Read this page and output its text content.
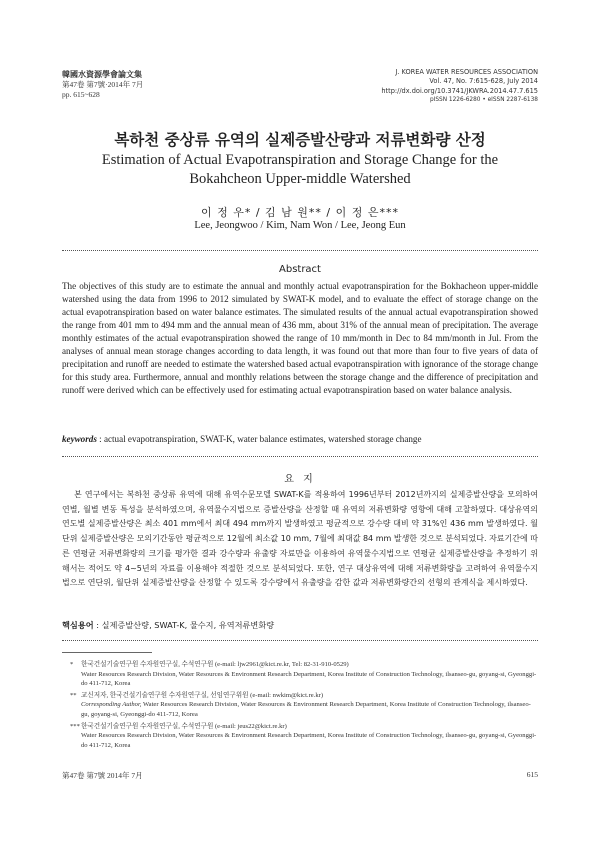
韓國水資源學會論文集
第47卷 第7號·2014年 7月
pp. 615~628
J. KOREA WATER RESOURCES ASSOCIATION
Vol. 47, No. 7:615-628, July 2014
http://dx.doi.org/10.3741/JKWRA.2014.47.7.615
pISSN 1226-6280 • eISSN 2287-6138
복하천 중상류 유역의 실제증발산량과 저류변화량 산정
Estimation of Actual Evapotranspiration and Storage Change for the
Bokahcheon Upper-middle Watershed
이 정 우* / 김 남 원** / 이 정 은***
Lee, Jeongwoo / Kim, Nam Won / Lee, Jeong Eun
Abstract
The objectives of this study are to estimate the annual and monthly actual evapotranspiration for the Bokhacheon upper-middle watershed using the data from 1996 to 2012 simulated by SWAT-K model, and to evaluate the effect of storage change on the actual evapotranspiration based on water balance estimates. The simulated results of the annual actual evapotranspiration showed the range from 401 mm to 494 mm and the annual mean of 436 mm, about 31% of the annual mean of precipitation. The average monthly estimates of the actual evapotranspiration showed the range of 10 mm/month in Dec to 84 mm/month in Jul. From the analyses of annual mean storage changes according to data length, it was found out that more than four to five years of data of precipitation and runoff are needed to estimate the watershed based actual evapotranspiration with ignorance of the storage change for this study area. Furthermore, annual and monthly relations between the storage change and the difference of precipitation and runoff were derived which can be effectively used for estimating actual evapotranspiration based on water balance analysis.
keywords : actual evapotranspiration, SWAT-K, water balance estimates, watershed storage change
요 지
본 연구에서는 복하천 중상류 유역에 대해 유역수문모델 SWAT-K를 적용하여 1996년부터 2012년까지의 실제증발산량을 모의하여 연별, 월별 변동 특성을 분석하였으며, 유역물수지법으로 증발산량을 산정할 때 유역의 저류변화량 영향에 대해 고찰하였다. 대상유역의 연도별 실제증발산량은 최소 401 mm에서 최대 494 mm까지 발생하였고 평균적으로 강수량 대비 약 31%인 436 mm 발생하였다. 월단위 실제증발산량은 모의기간동안 평균적으로 12월에 최소값 10 mm, 7월에 최대값 84 mm 발생한 것으로 분석되었다. 자료기간에 따른 연평균 저류변화량의 크기를 평가한 결과 강수량과 유출량 자료만을 이용하여 유역물수지법으로 연평균 실제증발산량을 추정하기 위해서는 적어도 약 4~5년의 자료를 이용해야 적절한 것으로 분석되었다. 또한, 연구 대상유역에 대해 저류변화량을 고려하여 유역물수지법으로 연단위, 월단위 실제증발산량을 산정할 수 있도록 강수량에서 유출량을 감한 값과 저류변화량간의 선형의 관계식을 제시하였다.
핵심용어 : 실제증발산량, SWAT-K, 물수지, 유역저류변화량
* 한국건설기술연구원 수자원연구실, 수석연구원 (e-mail: ljw2961@kict.re.kr, Tel: 82-31-910-0529)
Water Resources Research Division, Water Resources & Environment Research Department, Korea Institute of Construction Technology, ilsanseo-gu, goyang-si, Gyeonggi-do 411-712, Korea
** 교신저자, 한국건설기술연구원 수자원연구실, 선임연구위원 (e-mail: nwkim@kict.re.kr)
Corresponding Author, Water Resources Research Division, Water Resources & Environment Research Department, Korea Institute of Construction Technology, ilsanseo-gu, goyang-si, Gyeonggi-do 411-712, Korea
*** 한국건설기술연구원 수자원연구실, 수석연구원 (e-mail: jeus22@kict.re.kr)
Water Resources Research Division, Water Resources & Environment Research Department, Korea Institute of Construction Technology, ilsanseo-gu, goyang-si, Gyeonggi-do 411-712, Korea
第47卷 第7號 2014年 7月	615
